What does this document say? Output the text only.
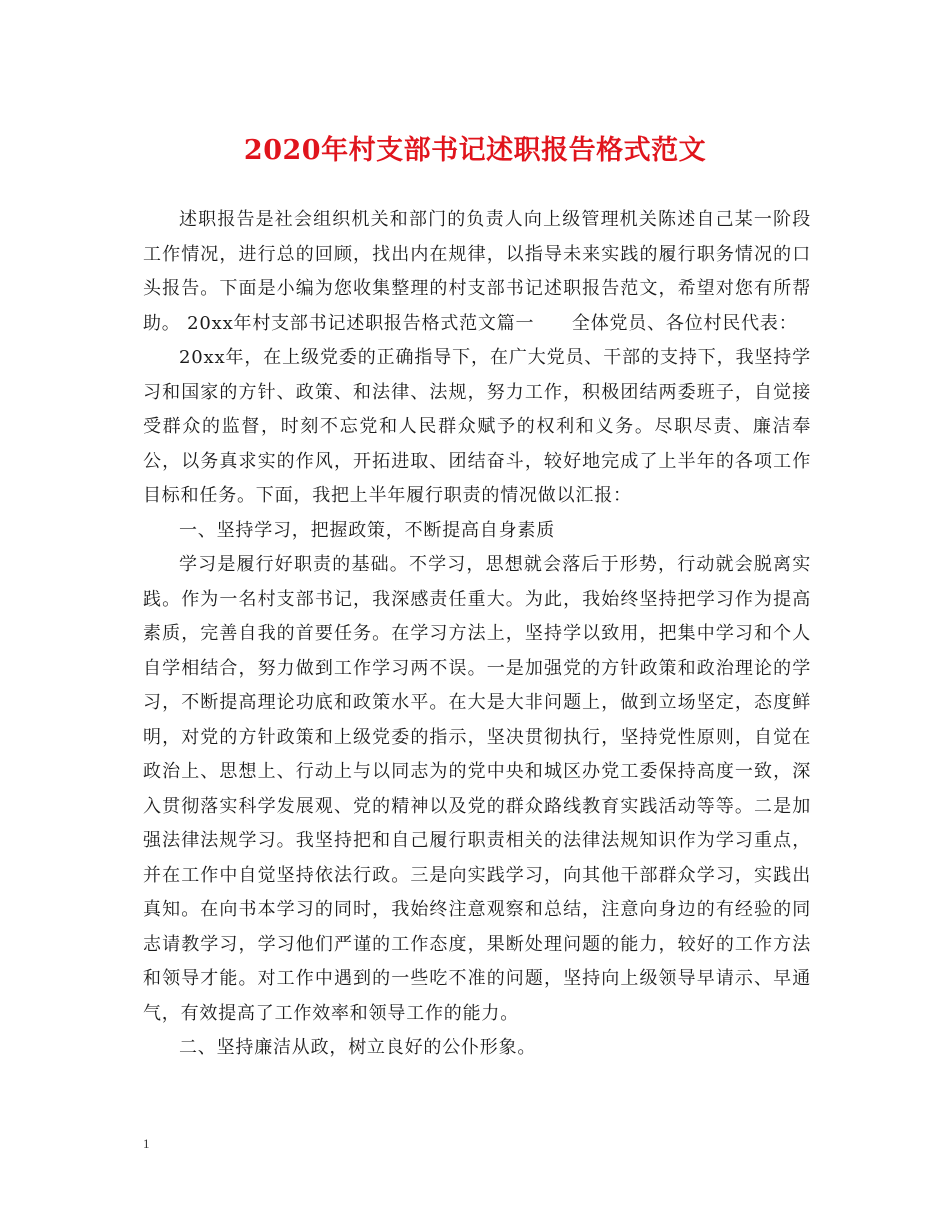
2020年村支部书记述职报告格式范文

述职报告是社会组织机关和部门的负责人向上级管理机关陈述自己某一阶段工作情况，进行总的回顾，找出内在规律，以指导未来实践的履行职务情况的口头报告。下面是小编为您收集整理的村支部书记述职报告范文，希望对您有所帮助。 20xx年村支部书记述职报告格式范文篇一　　全体党员、各位村民代表：

20xx年，在上级党委的正确指导下，在广大党员、干部的支持下，我坚持学习和国家的方针、政策、和法律、法规，努力工作，积极团结两委班子，自觉接受群众的监督，时刻不忘党和人民群众赋予的权利和义务。尽职尽责、廉洁奉公，以务真求实的作风，开拓进取、团结奋斗，较好地完成了上半年的各项工作目标和任务。下面，我把上半年履行职责的情况做以汇报：

一、坚持学习，把握政策，不断提高自身素质

学习是履行好职责的基础。不学习，思想就会落后于形势，行动就会脱离实践。作为一名村支部书记，我深感责任重大。为此，我始终坚持把学习作为提高素质，完善自我的首要任务。在学习方法上，坚持学以致用，把集中学习和个人自学相结合，努力做到工作学习两不误。一是加强党的方针政策和政治理论的学习，不断提高理论功底和政策水平。在大是大非问题上，做到立场坚定，态度鲜明，对党的方针政策和上级党委的指示，坚决贯彻执行，坚持党性原则，自觉在政治上、思想上、行动上与以同志为的党中央和城区办党工委保持高度一致，深入贯彻落实科学发展观、党的精神以及党的群众路线教育实践活动等等。二是加强法律法规学习。我坚持把和自己履行职责相关的法律法规知识作为学习重点，并在工作中自觉坚持依法行政。三是向实践学习，向其他干部群众学习，实践出真知。在向书本学习的同时，我始终注意观察和总结，注意向身边的有经验的同志请教学习，学习他们严谨的工作态度，果断处理问题的能力，较好的工作方法和领导才能。对工作中遇到的一些吃不准的问题，坚持向上级领导早请示、早通气，有效提高了工作效率和领导工作的能力。

二、坚持廉洁从政，树立良好的公仆形象。

1
